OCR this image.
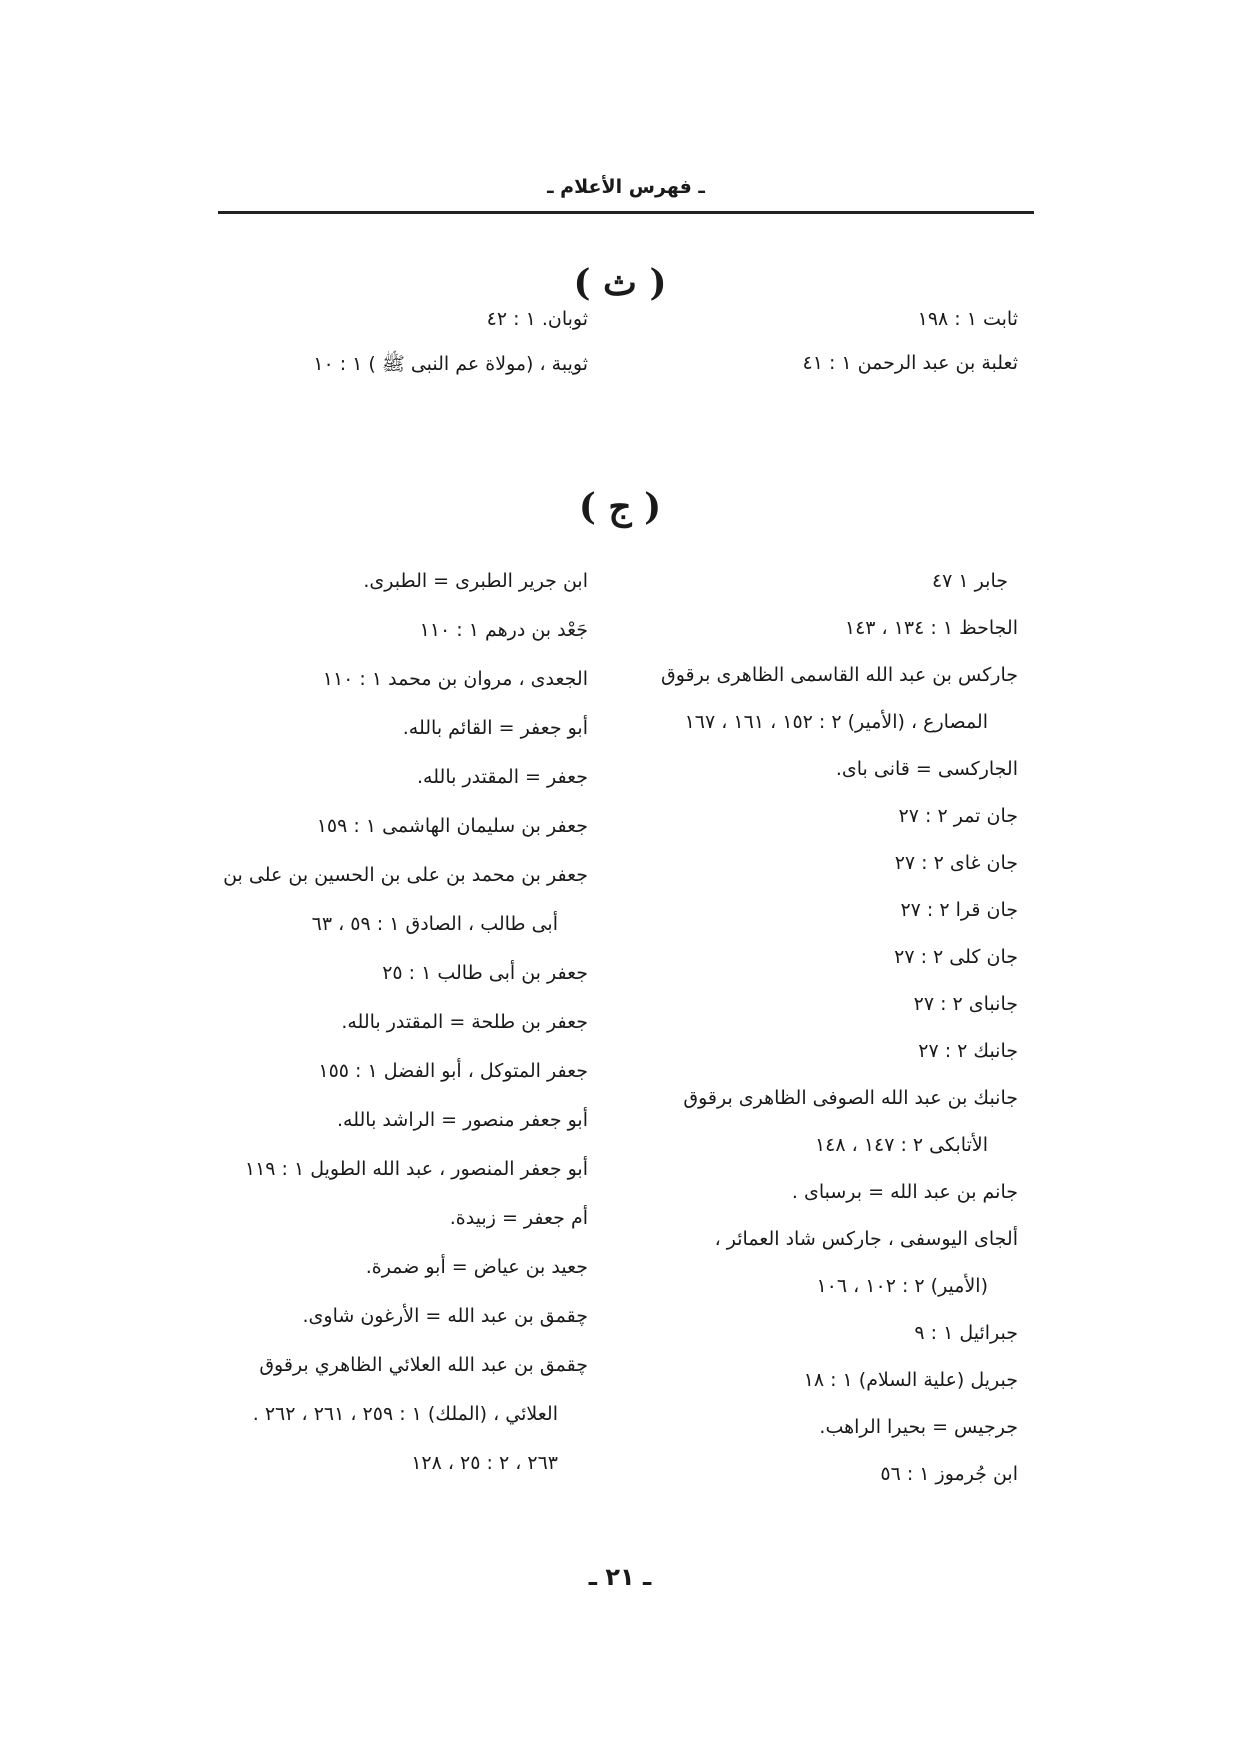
ـ فهرس الأعلام ـ
( ث )
ثابت ١ : ١٩٨
ثعلبة بن عبد الرحمن ١ : ٤١
ثوبان. ١ : ٤٢
ثويبة ، (مولاة عم النبى ﷺ ) ١ : ١٠
( ج )
جابر ١ ٤٧
الجاحظ ١ : ١٣٤ ، ١٤٣
جاركس بن عبد الله القاسمى الظاهرى برقوق
المصارع ، (الأمير) ٢ : ١٥٢ ، ١٦١ ، ١٦٧
الجاركسى = قانى باى.
جان تمر ٢ : ٢٧
جان غاى ٢ : ٢٧
جان قرا ٢ : ٢٧
جان كلى ٢ : ٢٧
جانباى ٢ : ٢٧
جانبك ٢ : ٢٧
جانبك بن عبد الله الصوفى الظاهرى برقوق
الأتابكى ٢ : ١٤٧ ، ١٤٨
جانم بن عبد الله = برسباى .
ألجاى اليوسفى ، جاركس شاد العمائر ،
(الأمير) ٢ : ١٠٢ ، ١٠٦
جبرائيل ١ : ٩
جبريل (علية السلام) ١ : ١٨
جرجيس = بحيرا الراهب.
ابن جُرموز ١ : ٥٦
ابن جرير الطبرى = الطبرى.
جَعْد بن درهم ١ : ١١٠
الجعدى ، مروان بن محمد ١ : ١١٠
أبو جعفر = القائم بالله.
جعفر = المقتدر بالله.
جعفر بن سليمان الهاشمى ١ : ١٥٩
جعفر بن محمد بن على بن الحسين بن على بن
أبى طالب ، الصادق ١ : ٥٩ ، ٦٣
جعفر بن أبى طالب ١ : ٢٥
جعفر بن طلحة = المقتدر بالله.
جعفر المتوكل ، أبو الفضل ١ : ١٥٥
أبو جعفر منصور = الراشد بالله.
أبو جعفر المنصور ، عبد الله الطويل ١ : ١١٩
أم جعفر = زبيدة.
جعيد بن عياض = أبو ضمرة.
چقمق بن عبد الله = الأرغون شاوى.
چقمق بن عبد الله العلائي الظاهري برقوق
العلائي ، (الملك) ١ : ٢٥٩ ، ٢٦١ ، ٢٦٢ .
٢٦٣ ، ٢ : ٢٥ ، ١٢٨
ـ ٢١ ـ
